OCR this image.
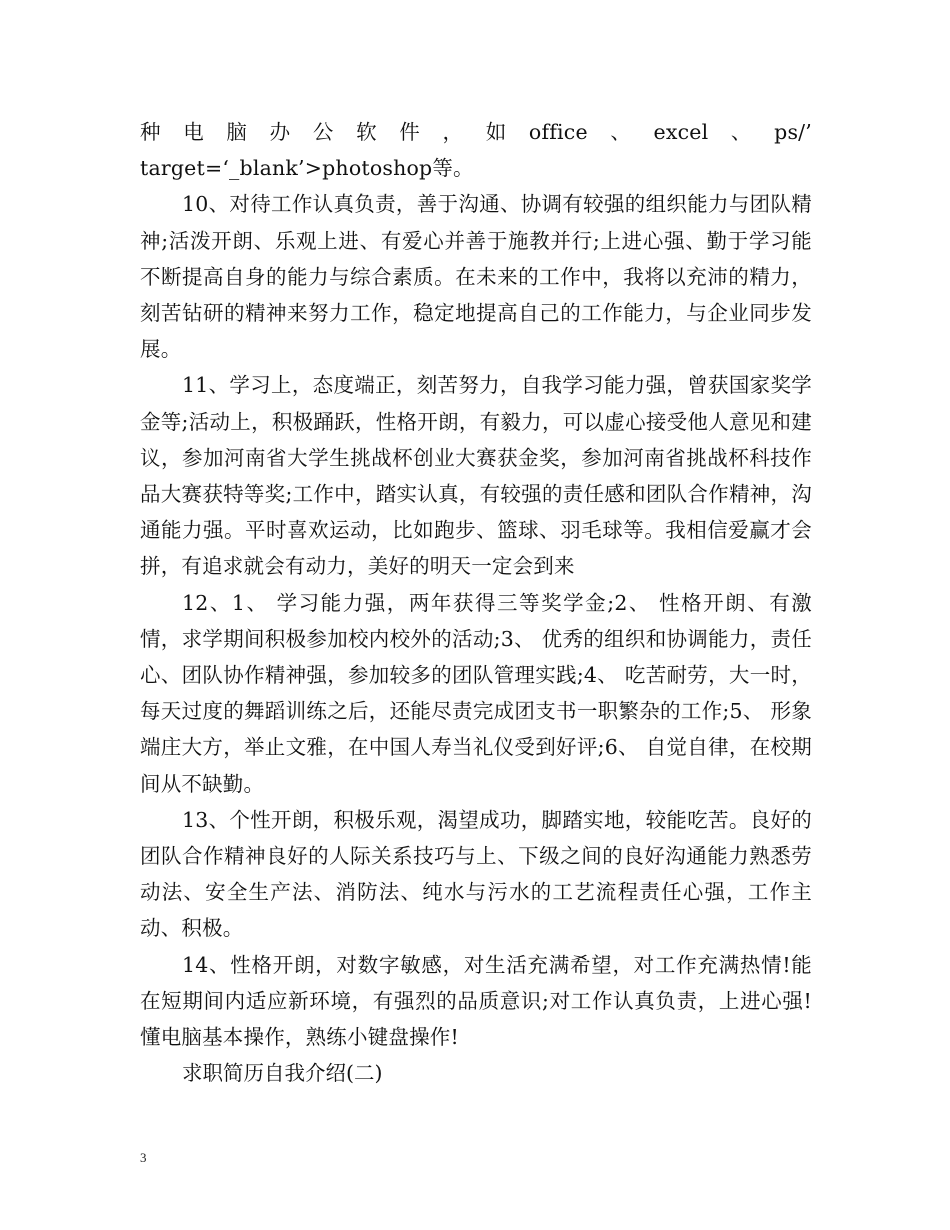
种电脑办公软件，如office、excel、ps/’ target=‘_blank’>photoshop等。

10、对待工作认真负责，善于沟通、协调有较强的组织能力与团队精神;活泼开朗、乐观上进、有爱心并善于施教并行;上进心强、勤于学习能不断提高自身的能力与综合素质。在未来的工作中，我将以充沛的精力，刻苦钻研的精神来努力工作，稳定地提高自己的工作能力，与企业同步发展。

11、学习上，态度端正，刻苦努力，自我学习能力强，曾获国家奖学金等;活动上，积极踊跃，性格开朗，有毅力，可以虚心接受他人意见和建议，参加河南省大学生挑战杯创业大赛获金奖，参加河南省挑战杯科技作品大赛获特等奖;工作中，踏实认真，有较强的责任感和团队合作精神，沟通能力强。平时喜欢运动，比如跑步、篮球、羽毛球等。我相信爱赢才会拼，有追求就会有动力，美好的明天一定会到来

12、1、 学习能力强，两年获得三等奖学金;2、 性格开朗、有激情，求学期间积极参加校内校外的活动;3、 优秀的组织和协调能力，责任心、团队协作精神强，参加较多的团队管理实践;4、 吃苦耐劳，大一时，每天过度的舞蹈训练之后，还能尽责完成团支书一职繁杂的工作;5、 形象端庄大方，举止文雅，在中国人寿当礼仪受到好评;6、 自觉自律，在校期间从不缺勤。

13、个性开朗，积极乐观，渴望成功，脚踏实地，较能吃苦。良好的团队合作精神良好的人际关系技巧与上、下级之间的良好沟通能力熟悉劳动法、安全生产法、消防法、纯水与污水的工艺流程责任心强，工作主动、积极。

14、性格开朗，对数字敏感，对生活充满希望，对工作充满热情!能在短期间内适应新环境，有强烈的品质意识;对工作认真负责，上进心强!懂电脑基本操作，熟练小键盘操作!

求职简历自我介绍(二)

3
